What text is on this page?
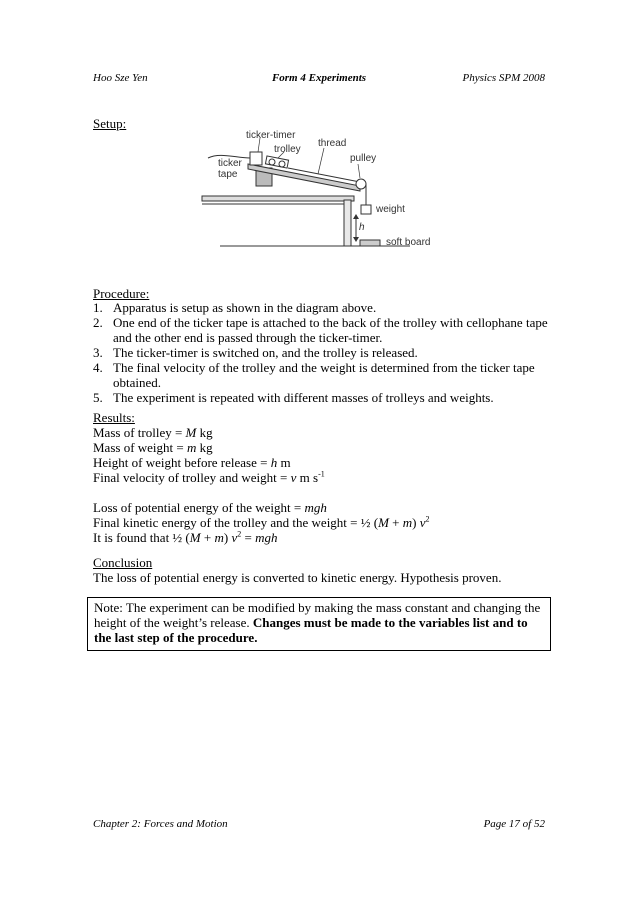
Hoo Sze Yen	Form 4 Experiments	Physics SPM 2008
Setup:
ticker-timer
trolley
thread
pulley
ticker
tape
weight
h
soft board
Procedure:
1. Apparatus is setup as shown in the diagram above.
2. One end of the ticker tape is attached to the back of the trolley with cellophane tape and the other end is passed through the ticker-timer.
3. The ticker-timer is switched on, and the trolley is released.
4. The final velocity of the trolley and the weight is determined from the ticker tape obtained.
5. The experiment is repeated with different masses of trolleys and weights.
Results:
Mass of trolley = M kg
Mass of weight = m kg
Height of weight before release = h m
Final velocity of trolley and weight = v m $s^{-1}$
Loss of potential energy of the weight = mgh
Final kinetic energy of the trolley and the weight = ½ (M + m) $v^2$
It is found that ½ (M + m) $v^2$ = mgh
Conclusion
The loss of potential energy is converted to kinetic energy. Hypothesis proven.
Note: The experiment can be modified by making the mass constant and changing the height of the weight’s release. Changes must be made to the variables list and to the last step of the procedure.
Chapter 2: Forces and Motion	Page 17 of 52
